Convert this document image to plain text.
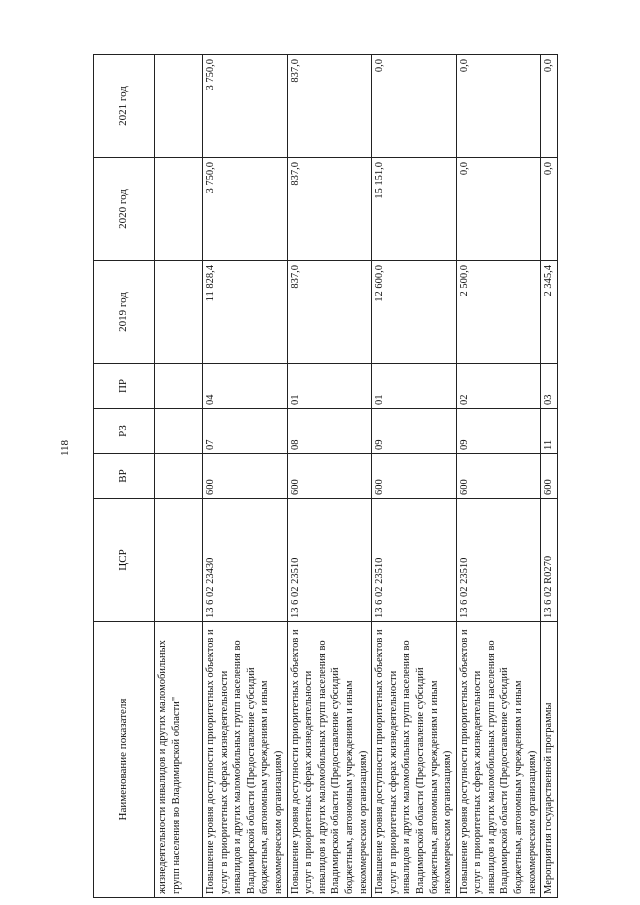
118
Наименование показателя	ЦСР	ВР	РЗ	ПР	2019 год	2020 год	2021 год
жизнедеятельности инвалидов и других маломобильных групп населения во Владимирской области"							
Повышение уровня доступности приоритетных объектов и услуг в приоритетных сферах жизнедеятельности инвалидов и других маломобильных групп населения во Владимирской области (Предоставление субсидий бюджетным, автономным учреждениям и иным некоммерческим организациям)	13 6 02 23430	600	07	04	11 828,4	3 750,0	3 750,0
Повышение уровня доступности приоритетных объектов и услуг в приоритетных сферах жизнедеятельности инвалидов и других маломобильных групп населения во Владимирской области (Предоставление субсидий бюджетным, автономным учреждениям и иным некоммерческим организациям)	13 6 02 23510	600	08	01	837,0	837,0	837,0
Повышение уровня доступности приоритетных объектов и услуг в приоритетных сферах жизнедеятельности инвалидов и других маломобильных групп населения во Владимирской области (Предоставление субсидий бюджетным, автономным учреждениям и иным некоммерческим организациям)	13 6 02 23510	600	09	01	12 600,0	15 151,0	0,0
Повышение уровня доступности приоритетных объектов и услуг в приоритетных сферах жизнедеятельности инвалидов и других маломобильных групп населения во Владимирской области (Предоставление субсидий бюджетным, автономным учреждениям и иным некоммерческим организациям)	13 6 02 23510	600	09	02	2 500,0	0,0	0,0
Мероприятия государственной программы	13 6 02 R0270	600	11	03	2 345,4	0,0	0,0
